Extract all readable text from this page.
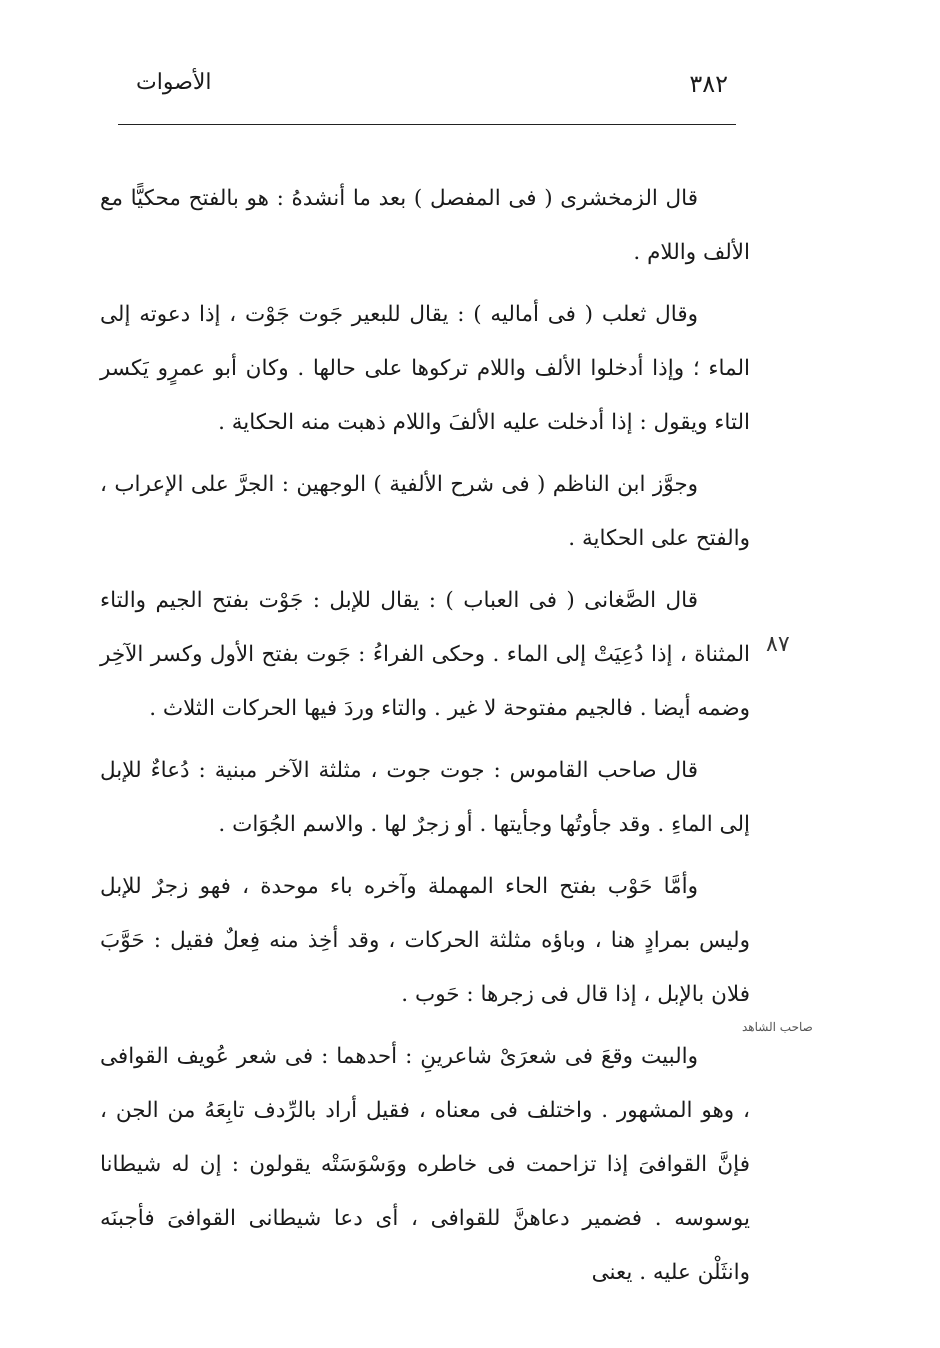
٣٨٢
الأصوات

قال الزمخشرى ( فى المفصل ) بعد ما أنشدهُ : هو بالفتح محكيًّا مع الألف واللام .

وقال ثعلب ( فى أماليه ) : يقال للبعير جَوت جَوْت ، إذا دعوته إلى الماء ؛ وإذا أدخلوا الألف واللام تركوها على حالها . وكان أبو عمرٍو يَكسر التاء ويقول : إذا أدخلت عليه الألفَ واللام ذهبت منه الحكاية .

وجوَّز ابن الناظم ( فى شرح الألفية ) الوجهين : الجرَّ على الإعراب ، والفتح على الحكاية .

قال الصَّغانى ( فى العباب ) : يقال للإبل : جَوْت بفتح الجيم والتاء المثناة ، إذا دُعِيَتْ إلى الماء . وحكى الفراءُ : جَوت بفتح الأول وكسر الآخِر وضمه أيضا . فالجيم مفتوحة لا غير . والتاء وردَ فيها الحركات الثلاث .

قال صاحب القاموس : جوت جوت ، مثلثة الآخر مبنية : دُعاءٌ للإبل إلى الماءِ . وقد جأوتُها وجأيتها . أو زجرٌ لها . والاسم الجُوَات .

وأمَّا حَوْب بفتح الحاء المهملة وآخره باء موحدة ، فهو زجرٌ للإبل وليس بمرادٍ هنا ، وباؤه مثلثة الحركات ، وقد أخِذ منه فِعلٌ فقيل : حَوَّبَ فلان بالإبل ، إذا قال فى زجرها : حَوب .

والبيت وقعَ فى شعرَىْ شاعرينِ : أحدهما : فى شعر عُويف القوافى ، وهو المشهور . واختلف فى معناه ، فقيل أراد بالرِّدف تابِعَهُ من الجن ، فإنَّ القوافىَ إذا تزاحمت فى خاطره ووَسْوَسَتْه يقولون : إن له شيطانا يوسوسه . فضمير دعاهنَّ للقوافى ، أى دعا شيطانى القوافىَ فأجبنَه وانثَلْن عليه . يعنى

٨٧
صاحب الشاهد
